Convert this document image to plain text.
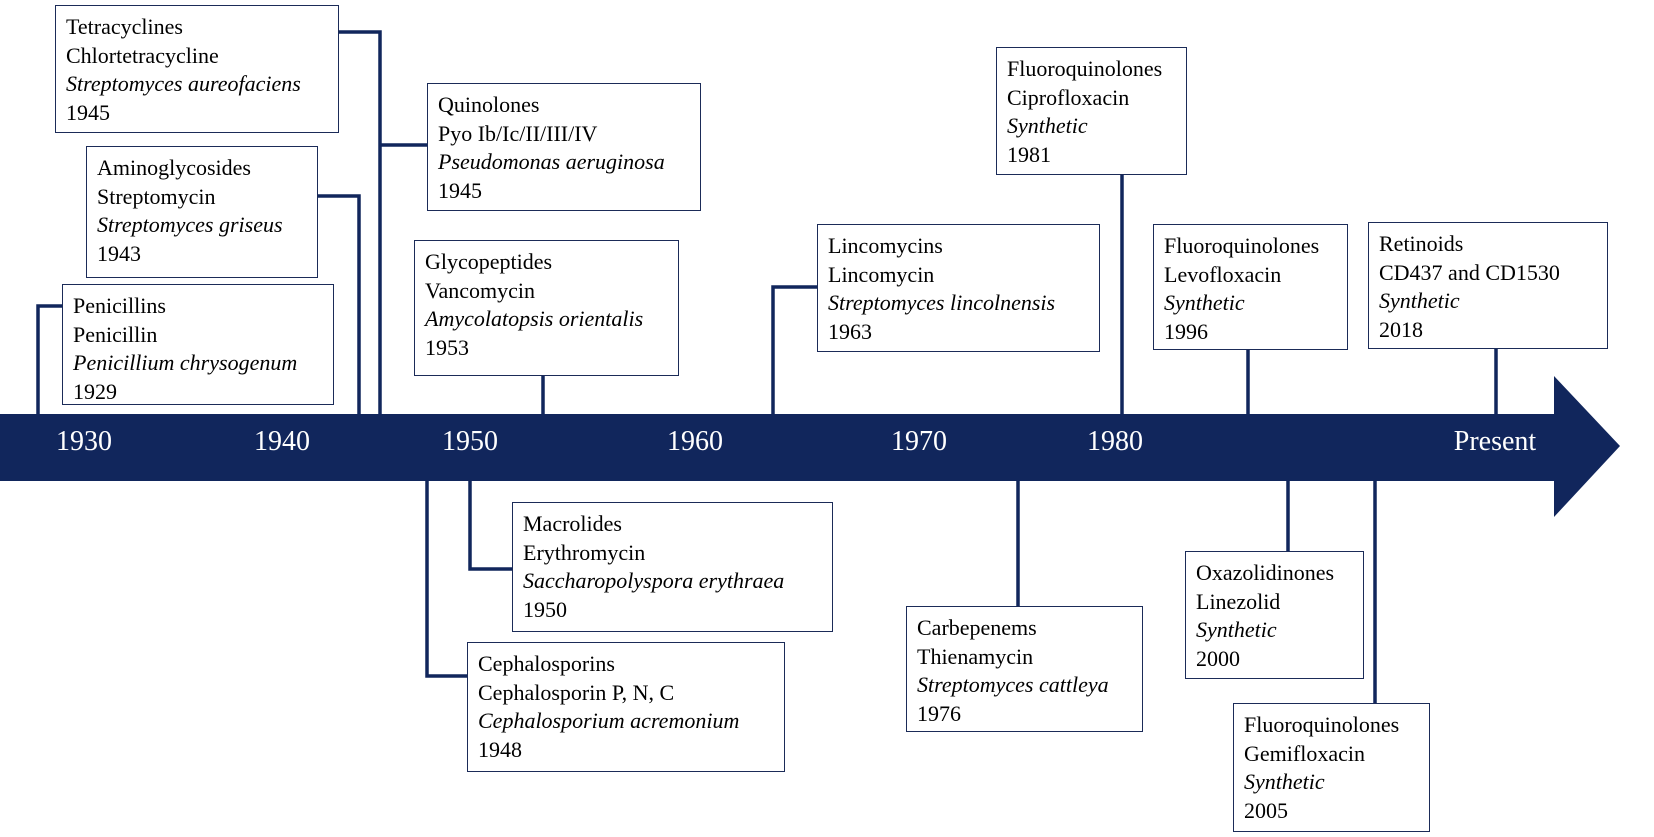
1930	1940	1950	1960	1970	1980	Present
Tetracyclines
Chlortetracycline
Streptomyces aureofaciens
1945
Aminoglycosides
Streptomycin
Streptomyces griseus
1943
Penicillins
Penicillin
Penicillium chrysogenum
1929
Quinolones
Pyo Ib/Ic/II/III/IV
Pseudomonas aeruginosa
1945
Glycopeptides
Vancomycin
Amycolatopsis orientalis
1953
Lincomycins
Lincomycin
Streptomyces lincolnensis
1963
Fluoroquinolones
Ciprofloxacin
Synthetic
1981
Fluoroquinolones
Levofloxacin
Synthetic
1996
Retinoids
CD437 and CD1530
Synthetic
2018
Macrolides
Erythromycin
Saccharopolyspora erythraea
1950
Cephalosporins
Cephalosporin P, N, C
Cephalosporium acremonium
1948
Carbepenems
Thienamycin
Streptomyces cattleya
1976
Oxazolidinones
Linezolid
Synthetic
2000
Fluoroquinolones
Gemifloxacin
Synthetic
2005
